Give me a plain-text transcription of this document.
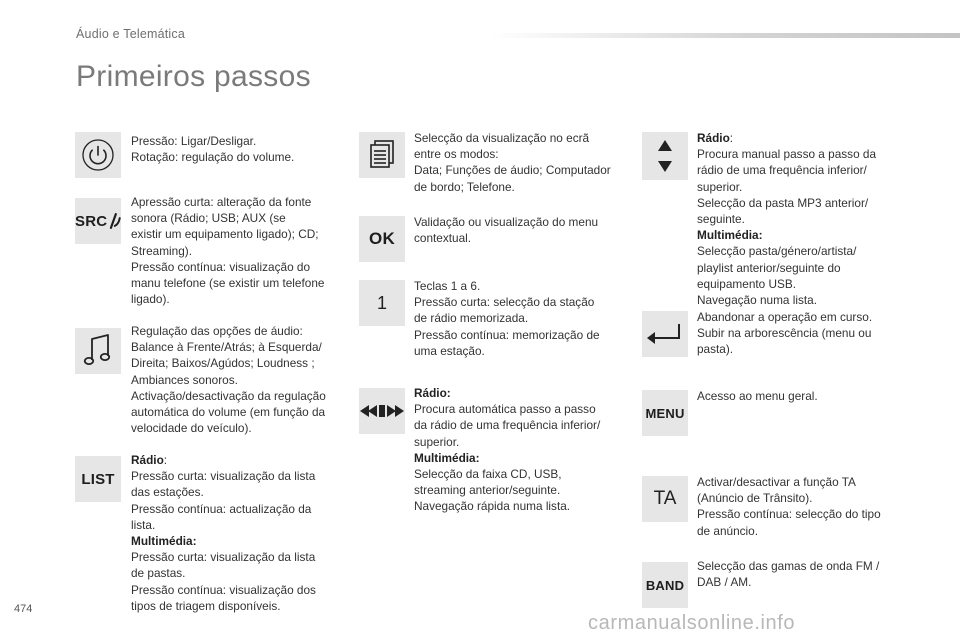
Áudio e Telemática
Primeiros passos
Pressão: Ligar/Desligar.
Rotação: regulação do volume.
SRC
Apressão curta: alteração da fonte
sonora (Rádio; USB; AUX (se
existir um equipamento ligado); CD;
Streaming).
Pressão contínua: visualização do
manu telefone (se existir um telefone
ligado).
Regulação das opções de áudio:
Balance à Frente/Atrás; à Esquerda/
Direita; Baixos/Agúdos; Loudness ;
Ambiances sonoros.
Activação/desactivação da regulação
automática do volume (em função da
velocidade do veículo).
LIST
Rádio:
Pressão curta: visualização da lista
das estações.
Pressão contínua: actualização da
lista.
Multimédia:
Pressão curta: visualização da lista
de pastas.
Pressão contínua: visualização dos
tipos de triagem disponíveis.
Selecção da visualização no ecrã
entre os modos:
Data; Funções de áudio; Computador
de bordo; Telefone.
OK
Validação ou visualização do menu
contextual.
1
Teclas 1 a 6.
Pressão curta: selecção da stação
de rádio memorizada.
Pressão contínua: memorização de
uma estação.
Rádio:
Procura automática passo a passo
da rádio de uma frequência inferior/
superior.
Multimédia:
Selecção da faixa CD, USB,
streaming anterior/seguinte.
Navegação rápida numa lista.
Rádio:
Procura manual passo a passo da
rádio de uma frequência inferior/
superior.
Selecção da pasta MP3 anterior/
seguinte.
Multimédia:
Selecção pasta/género/artista/
playlist anterior/seguinte do
equipamento USB.
Navegação numa lista.
Abandonar a operação em curso.
Subir na arborescência (menu ou
pasta).
MENU
Acesso ao menu geral.
TA
Activar/desactivar a função TA
(Anúncio de Trânsito).
Pressão contínua: selecção do tipo
de anúncio.
BAND
Selecção das gamas de onda FM /
DAB / AM.
474
carmanualsonline.info
